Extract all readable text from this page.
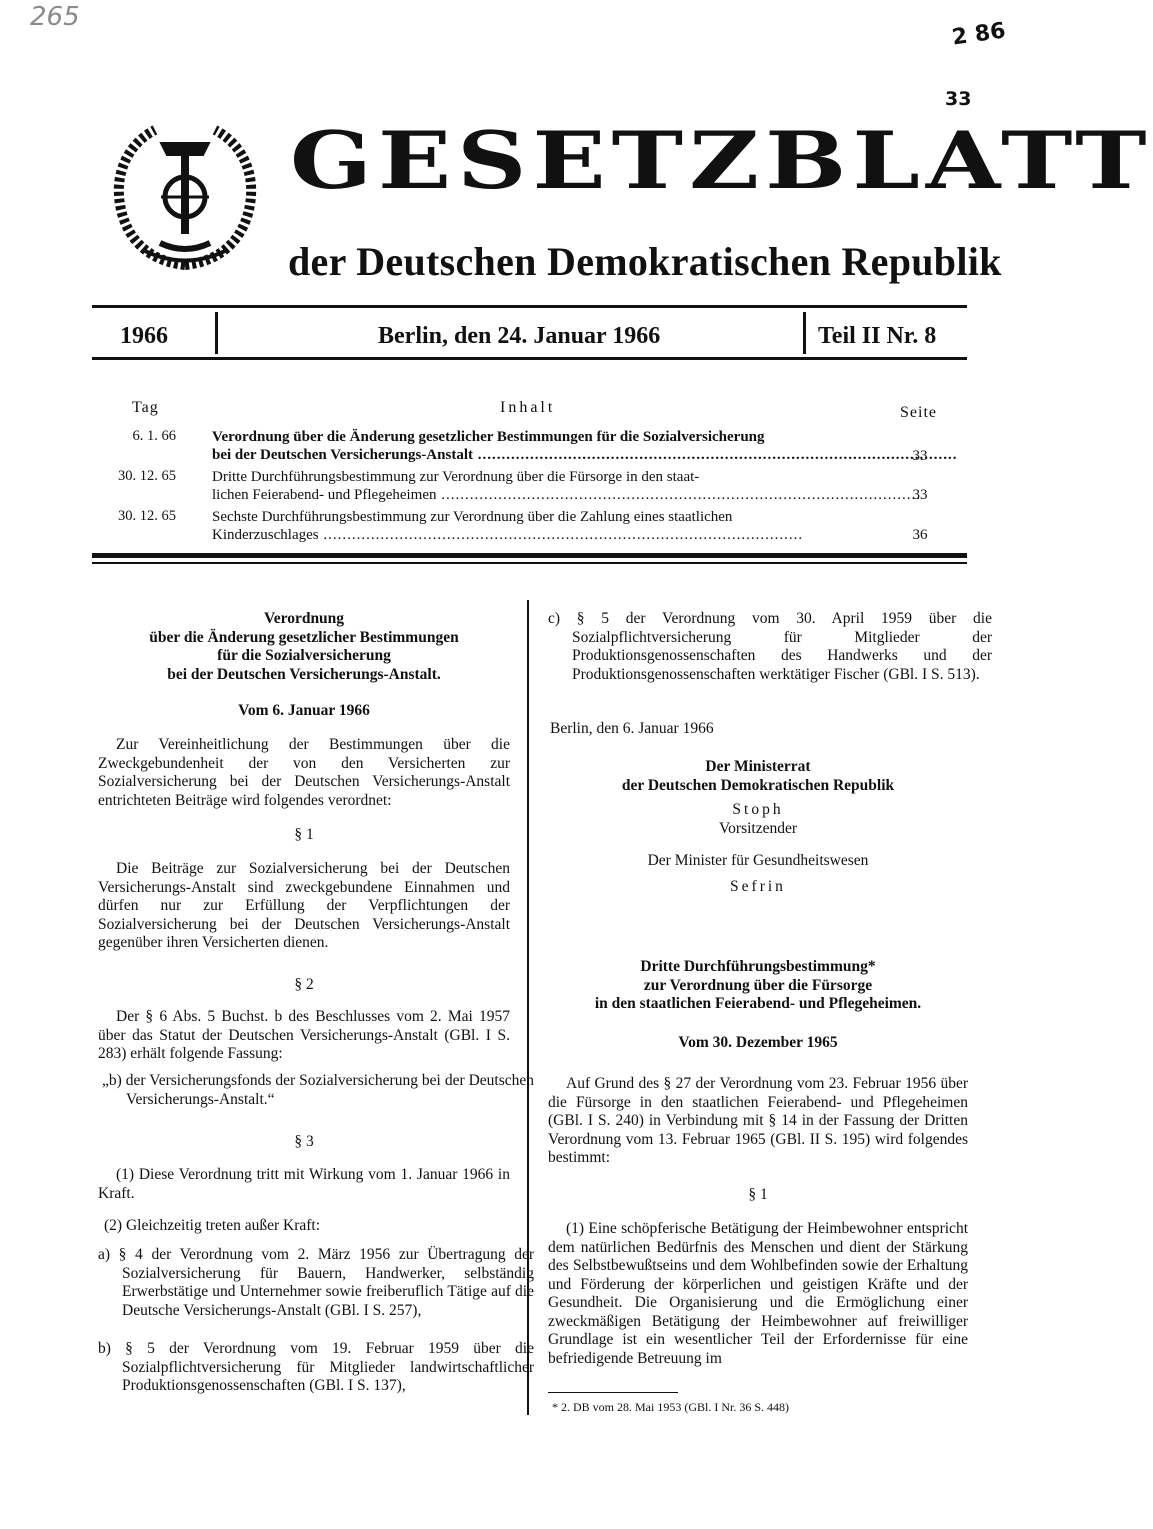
265
2 86
33
GESETZBLATT
der Deutschen Demokratischen Republik
1966	Berlin, den 24. Januar 1966	Teil II Nr. 8
Tag	Inhalt	Seite
6. 1. 66 Verordnung über die Änderung gesetzlicher Bestimmungen für die Sozialversicherung
bei der Deutschen Versicherungs-Anstalt .....	33
30. 12. 65 Dritte Durchführungsbestimmung zur Verordnung über die Fürsorge in den staat-
lichen Feierabend- und Pflegeheimen .....	33
30. 12. 65 Sechste Durchführungsbestimmung zur Verordnung über die Zahlung eines staatlichen
Kinderzuschlages .....	36
Verordnung
über die Änderung gesetzlicher Bestimmungen
für die Sozialversicherung
bei der Deutschen Versicherungs-Anstalt.
Vom 6. Januar 1966
Zur Vereinheitlichung der Bestimmungen über die Zweckgebundenheit der von den Versicherten zur Sozialversicherung bei der Deutschen Versicherungs-Anstalt entrichteten Beiträge wird folgendes verordnet:
§ 1
Die Beiträge zur Sozialversicherung bei der Deutschen Versicherungs-Anstalt sind zweckgebundene Einnahmen und dürfen nur zur Erfüllung der Verpflichtungen der Sozialversicherung bei der Deutschen Versicherungs-Anstalt gegenüber ihren Versicherten dienen.
§ 2
Der § 6 Abs. 5 Buchst. b des Beschlusses vom 2. Mai 1957 über das Statut der Deutschen Versicherungs-Anstalt (GBl. I S. 283) erhält folgende Fassung:
„b) der Versicherungsfonds der Sozialversicherung bei der Deutschen Versicherungs-Anstalt.“
§ 3
(1) Diese Verordnung tritt mit Wirkung vom 1. Januar 1966 in Kraft.
(2) Gleichzeitig treten außer Kraft:
a) § 4 der Verordnung vom 2. März 1956 zur Übertragung der Sozialversicherung für Bauern, Handwerker, selbständig Erwerbstätige und Unternehmer sowie freiberuflich Tätige auf die Deutsche Versicherungs-Anstalt (GBl. I S. 257),
b) § 5 der Verordnung vom 19. Februar 1959 über die Sozialpflichtversicherung für Mitglieder landwirtschaftlicher Produktionsgenossenschaften (GBl. I S. 137),
c) § 5 der Verordnung vom 30. April 1959 über die Sozialpflichtversicherung für Mitglieder der Produktionsgenossenschaften des Handwerks und der Produktionsgenossenschaften werktätiger Fischer (GBl. I S. 513).
Berlin, den 6. Januar 1966
Der Ministerrat
der Deutschen Demokratischen Republik
Stoph
Vorsitzender
Der Minister für Gesundheitswesen
Sefrin
Dritte Durchführungsbestimmung*
zur Verordnung über die Fürsorge
in den staatlichen Feierabend- und Pflegeheimen.
Vom 30. Dezember 1965
Auf Grund des § 27 der Verordnung vom 23. Februar 1956 über die Fürsorge in den staatlichen Feierabend- und Pflegeheimen (GBl. I S. 240) in Verbindung mit § 14 in der Fassung der Dritten Verordnung vom 13. Februar 1965 (GBl. II S. 195) wird folgendes bestimmt:
§ 1
(1) Eine schöpferische Betätigung der Heimbewohner entspricht dem natürlichen Bedürfnis des Menschen und dient der Stärkung des Selbstbewußtseins und dem Wohlbefinden sowie der Erhaltung und Förderung der körperlichen und geistigen Kräfte und der Gesundheit. Die Organisierung und die Ermöglichung einer zweckmäßigen Betätigung der Heimbewohner auf freiwilliger Grundlage ist ein wesentlicher Teil der Erfordernisse für eine befriedigende Betreuung im
* 2. DB vom 28. Mai 1953 (GBl. I Nr. 36 S. 448)
